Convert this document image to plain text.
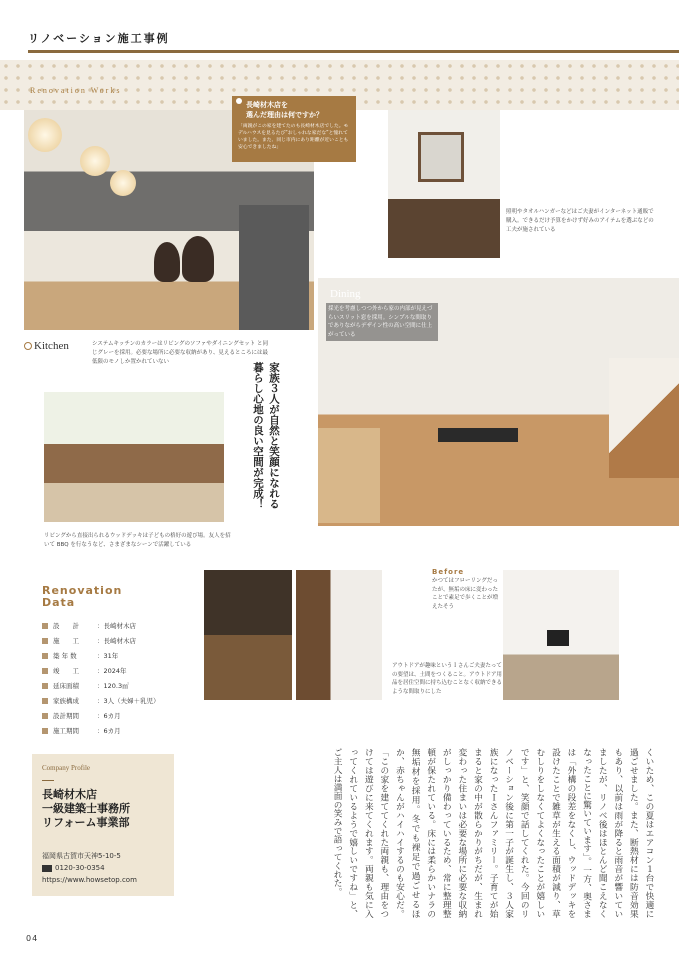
リノベーション施工事例
Renovation Works
長崎材木店を
選んだ理由は何ですか？
「両親がこの家を建てたのも長崎材木店でした。モデルハウスを見るたび“おしゃれな家だな”と憧れていました。また、同じ市内にあり距離が近いことも安心できましたね」
照明やタオルハンガーなどはご夫妻がインターネット通販で購入。できるだけ予算をかけず好みのアイテムを選ぶなどの工夫が施されている
Dining
採光を考慮しつつ外から家の内部が見えづらいスリット窓を採用。シンプルな間取りでありながらデザイン性の高い空間に仕上がっている
Kitchen	システムキッチンのカラーはリビングのソファやダイニングセット と同じグレーを採用。必要な場所に必要な収納があり、見えるところには最低限のモノしか置かれていない	家族３人が自然と笑顔になれる
暮らし心地の良い空間が完成！
リビングから直接出られるウッドデッキは子どもの格好の遊び場。友人を招いて BBQ を行なうなど、さまざまなシーンで活躍している
Renovation
Data
設　　計	： 長崎材木店
施　　工	： 長崎材木店
築 年 数	： 31年
竣　　工	： 2024年
延床面積	： 120.3㎡
家族構成	： 3人（夫婦＋乳児）
設計期間	： 6カ月
施工期間	： 6カ月
アウトドアが趣味というＩさんご夫妻たっての要望は、土間をつくること。アウトドア用品を居住空間に持ち込むことなく収納できるような間取りにした
Before
かつてはフローリングだったが、無垢の床に変わったことで素足で歩くことが増えたそう
Company Profile
長崎材木店
一級建築士事務所
リフォーム事業部
福岡県古賀市天神5-10-5
0120-30-0354
https://www.howsetop.com	くいため、この夏はエアコン１台で快適に過ごせました。また、断熱材には防音効果もあり、以前は雨が降ると雨音が響いていましたが、リノベ後はほとんど聞こえなくなったことに驚いています」。一方、奥さまは「外構の段差をなくし、ウッドデッキを設けたことで雑草が生える面積が減り、草むしりをしなくてよくなったことが嬉しいです」と、笑顔で話してくれた。今回のリノベーション後に第一子が誕生し、３人家族になったＩさんファミリー。子育てが始まると家の中が散らかりがちだが、生まれ変わった住まいは必要な場所に必要な収納がしっかり備わっているため、常に整理整頓が保たれている。床には柔らかいナラの無垢材を採用。冬でも裸足で過ごせるほか、赤ちゃんがハイハイするのも安心だ。「この家を建ててくれた両親も、理由をつけては遊びに来てくれます。両親も気に入ってくれているようで嬉しいですね」と、ご主人は満面の笑みで語ってくれた。
04
